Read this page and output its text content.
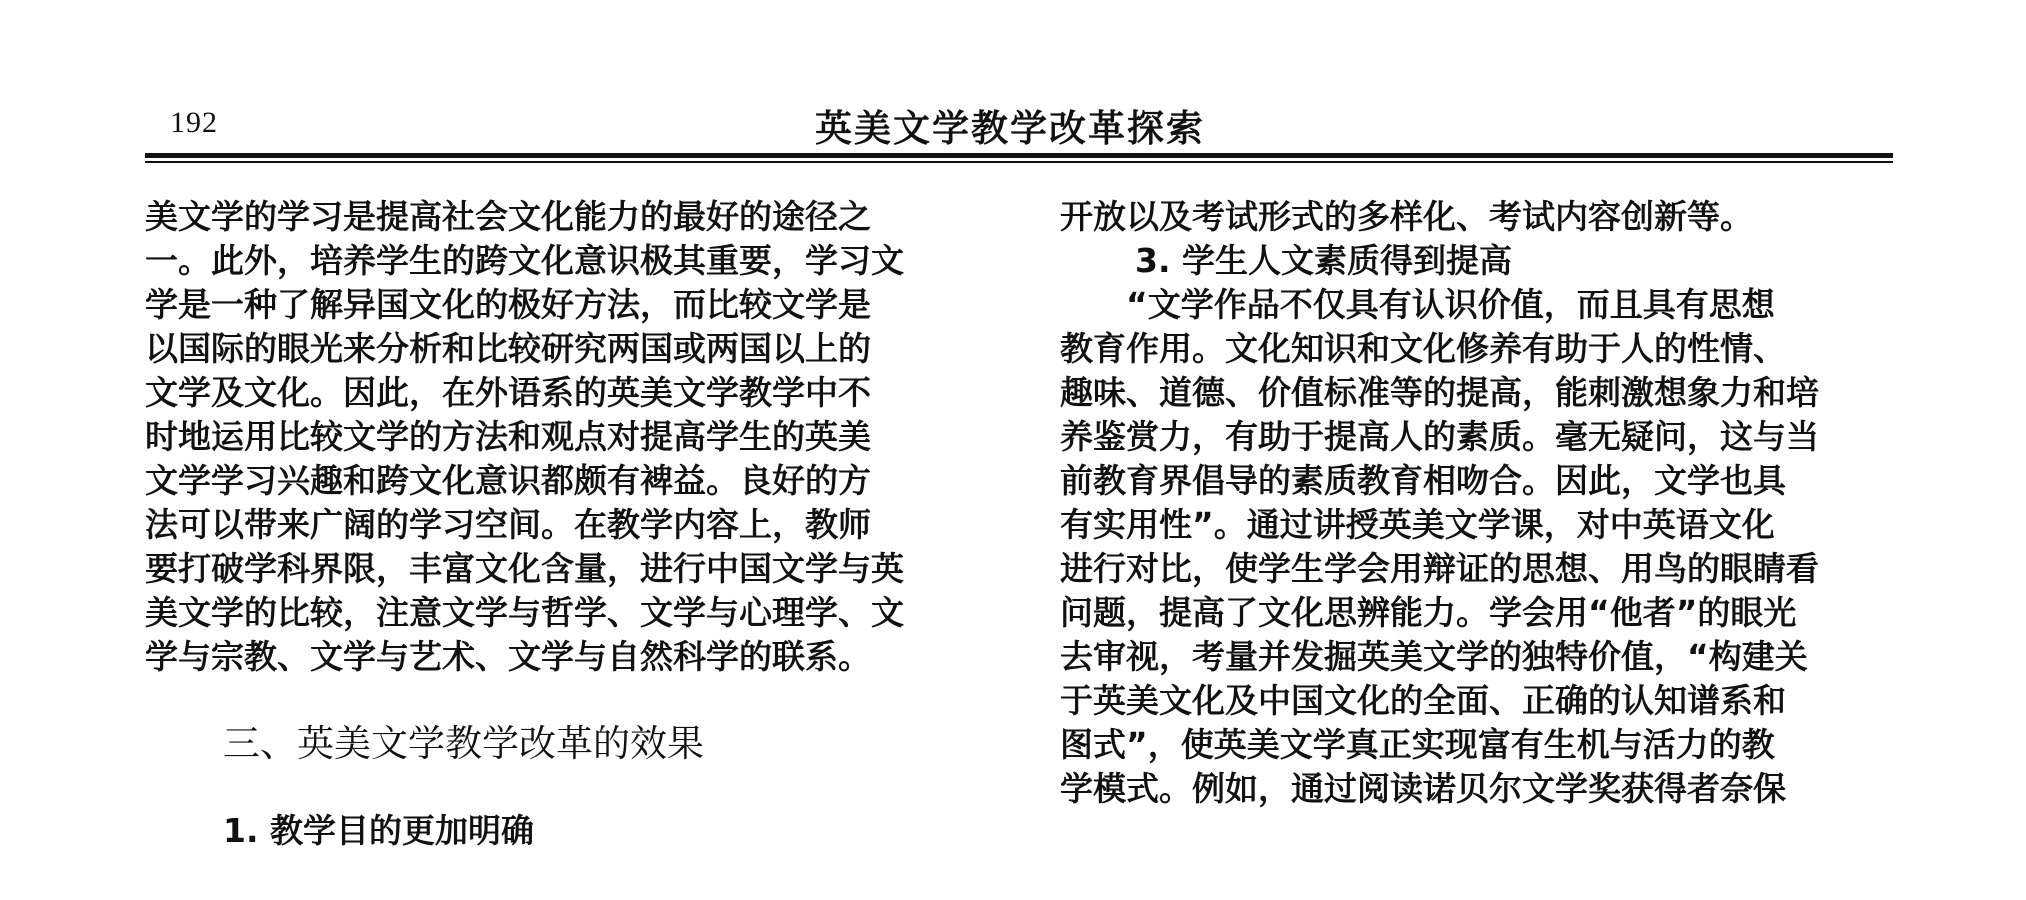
192	英美文学教学改革探索
美文学的学习是提高社会文化能力的最好的途径之
一。此外，培养学生的跨文化意识极其重要，学习文
学是一种了解异国文化的极好方法，而比较文学是
以国际的眼光来分析和比较研究两国或两国以上的
文学及文化。因此，在外语系的英美文学教学中不
时地运用比较文学的方法和观点对提高学生的英美
文学学习兴趣和跨文化意识都颇有裨益。良好的方
法可以带来广阔的学习空间。在教学内容上，教师
要打破学科界限，丰富文化含量，进行中国文学与英
美文学的比较，注意文学与哲学、文学与心理学、文
学与宗教、文学与艺术、文学与自然科学的联系。
三、英美文学教学改革的效果
1. 教学目的更加明确
开放以及考试形式的多样化、考试内容创新等。
3. 学生人文素质得到提高
“文学作品不仅具有认识价值，而且具有思想
教育作用。文化知识和文化修养有助于人的性情、
趣味、道德、价值标准等的提高，能刺激想象力和培
养鉴赏力，有助于提高人的素质。毫无疑问，这与当
前教育界倡导的素质教育相吻合。因此，文学也具
有实用性”。通过讲授英美文学课，对中英语文化
进行对比，使学生学会用辩证的思想、用鸟的眼睛看
问题，提高了文化思辨能力。学会用“他者”的眼光
去审视，考量并发掘英美文学的独特价值，“构建关
于英美文化及中国文化的全面、正确的认知谱系和
图式”，使英美文学真正实现富有生机与活力的教
学模式。例如，通过阅读诺贝尔文学奖获得者奈保
